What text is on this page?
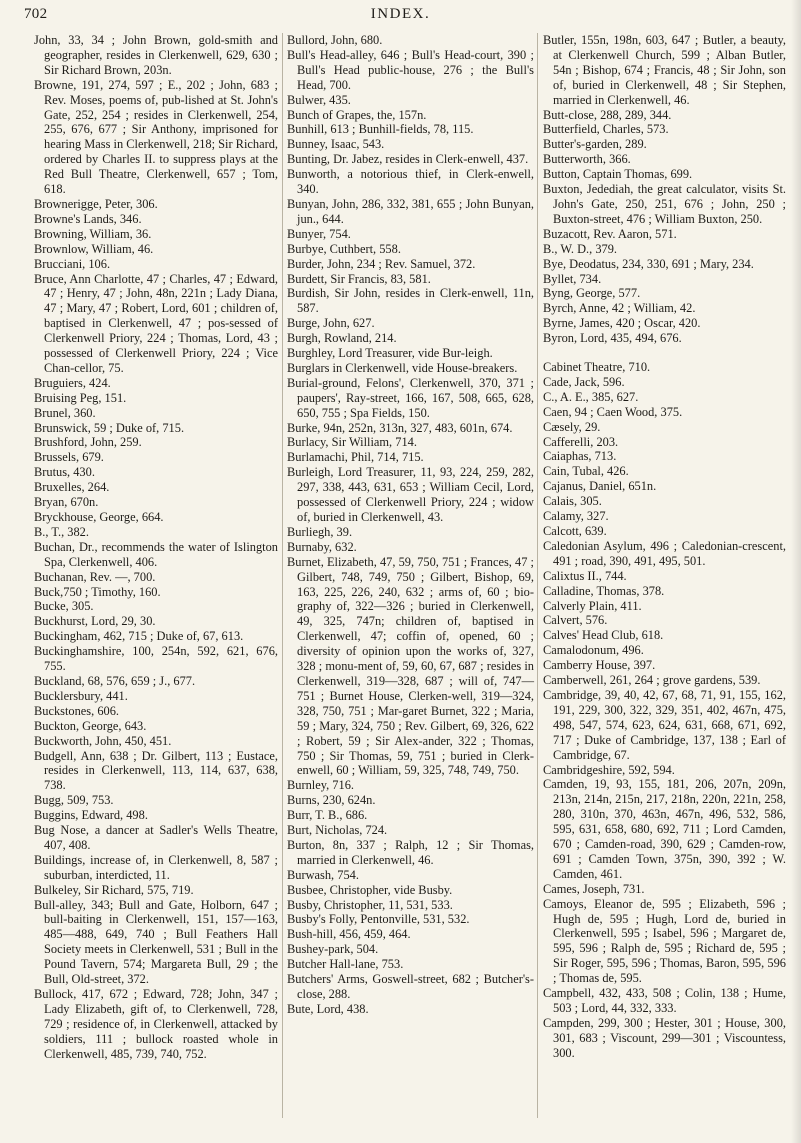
702	INDEX.
John, 33, 34 ; John Brown, gold-smith and geographer, resides in Clerkenwell, 629, 630 ; Sir Richard Brown, 203n.
Browne, 191, 274, 597 ; E., 202 ; John, 683 ; Rev. Moses, poems of, pub-lished at St. John's Gate, 252, 254 ; resides in Clerkenwell, 254, 255, 676, 677 ; Sir Anthony, imprisoned for hearing Mass in Clerkenwell, 218; Sir Richard, ordered by Charles II. to suppress plays at the Red Bull Theatre, Clerkenwell, 657 ; Tom, 618.
Brownerigge, Peter, 306.
Browne's Lands, 346.
Browning, William, 36.
Brownlow, William, 46.
Brucciani, 106.
Bruce, Ann Charlotte, 47 ; Charles, 47 ; Edward, 47 ; Henry, 47 ; John, 48n, 221n ; Lady Diana, 47 ; Mary, 47 ; Robert, Lord, 601 ; children of, baptised in Clerkenwell, 47 ; pos-sessed of Clerkenwell Priory, 224 ; Thomas, Lord, 43 ; possessed of Clerkenwell Priory, 224 ; Vice Chan-cellor, 75.
Bruguiers, 424.
Bruising Peg, 151.
Brunel, 360.
Brunswick, 59 ; Duke of, 715.
Brushford, John, 259.
Brussels, 679.
Brutus, 430.
Bruxelles, 264.
Bryan, 670n.
Bryckhouse, George, 664.
B., T., 382.
Buchan, Dr., recommends the water of Islington Spa, Clerkenwell, 406.
Buchanan, Rev. —, 700.
Buck,750 ; Timothy, 160.
Bucke, 305.
Buckhurst, Lord, 29, 30.
Buckingham, 462, 715 ; Duke of, 67, 613.
Buckinghamshire, 100, 254n, 592, 621, 676, 755.
Buckland, 68, 576, 659 ; J., 677.
Bucklersbury, 441.
Buckstones, 606.
Buckton, George, 643.
Buckworth, John, 450, 451.
Budgell, Ann, 638 ; Dr. Gilbert, 113 ; Eustace, resides in Clerkenwell, 113, 114, 637, 638, 738.
Bugg, 509, 753.
Buggins, Edward, 498.
Bug Nose, a dancer at Sadler's Wells Theatre, 407, 408.
Buildings, increase of, in Clerkenwell, 8, 587 ; suburban, interdicted, 11.
Bulkeley, Sir Richard, 575, 719.
Bull-alley, 343; Bull and Gate, Holborn, 647 ; bull-baiting in Clerkenwell, 151, 157—163, 485—488, 649, 740 ; Bull Feathers Hall Society meets in Clerkenwell, 531 ; Bull in the Pound Tavern, 574; Margareta Bull, 29 ; the Bull, Old-street, 372.
Bullock, 417, 672 ; Edward, 728; John, 347 ; Lady Elizabeth, gift of, to Clerkenwell, 728, 729 ; residence of, in Clerkenwell, attacked by soldiers, 111 ; bullock roasted whole in Clerkenwell, 485, 739, 740, 752.
Bullord, John, 680.
Bull's Head-alley, 646 ; Bull's Head-court, 390 ; Bull's Head public-house, 276 ; the Bull's Head, 700.
Bulwer, 435.
Bunch of Grapes, the, 157n.
Bunhill, 613 ; Bunhill-fields, 78, 115.
Bunney, Isaac, 543.
Bunting, Dr. Jabez, resides in Clerk-enwell, 437.
Bunworth, a notorious thief, in Clerk-enwell, 340.
Bunyan, John, 286, 332, 381, 655 ; John Bunyan, jun., 644.
Bunyer, 754.
Burbye, Cuthbert, 558.
Burder, John, 234 ; Rev. Samuel, 372.
Burdett, Sir Francis, 83, 581.
Burdish, Sir John, resides in Clerk-enwell, 11n, 587.
Burge, John, 627.
Burgh, Rowland, 214.
Burghley, Lord Treasurer, vide Bur-leigh.
Burglars in Clerkenwell, vide House-breakers.
Burial-ground, Felons', Clerkenwell, 370, 371 ; paupers', Ray-street, 166, 167, 508, 665, 628, 650, 755 ; Spa Fields, 150.
Burke, 94n, 252n, 313n, 327, 483, 601n, 674.
Burlacy, Sir William, 714.
Burlamachi, Phil, 714, 715.
Burleigh, Lord Treasurer, 11, 93, 224, 259, 282, 297, 338, 443, 631, 653 ; William Cecil, Lord, possessed of Clerkenwell Priory, 224 ; widow of, buried in Clerkenwell, 43.
Burliegh, 39.
Burnaby, 632.
Burnet, Elizabeth, 47, 59, 750, 751 ; Frances, 47 ; Gilbert, 748, 749, 750 ; Gilbert, Bishop, 69, 163, 225, 226, 240, 632 ; arms of, 60 ; bio-graphy of, 322—326 ; buried in Clerkenwell, 49, 325, 747n; children of, baptised in Clerkenwell, 47; coffin of, opened, 60 ; diversity of opinion upon the works of, 327, 328 ; monu-ment of, 59, 60, 67, 687 ; resides in Clerkenwell, 319—328, 687 ; will of, 747—751 ; Burnet House, Clerken-well, 319—324, 328, 750, 751 ; Mar-garet Burnet, 322 ; Maria, 59 ; Mary, 324, 750 ; Rev. Gilbert, 69, 326, 622 ; Robert, 59 ; Sir Alex-ander, 322 ; Thomas, 750 ; Sir Thomas, 59, 751 ; buried in Clerk-enwell, 60 ; William, 59, 325, 748, 749, 750.
Burnley, 716.
Burns, 230, 624n.
Burr, T. B., 686.
Burt, Nicholas, 724.
Burton, 8n, 337 ; Ralph, 12 ; Sir Thomas, married in Clerkenwell, 46.
Burwash, 754.
Busbee, Christopher, vide Busby.
Busby, Christopher, 11, 531, 533.
Busby's Folly, Pentonville, 531, 532.
Bush-hill, 456, 459, 464.
Bushey-park, 504.
Butcher Hall-lane, 753.
Butchers' Arms, Goswell-street, 682 ; Butcher's-close, 288.
Bute, Lord, 438.
Butler, 155n, 198n, 603, 647 ; Butler, a beauty, at Clerkenwell Church, 599 ; Alban Butler, 54n ; Bishop, 674 ; Francis, 48 ; Sir John, son of, buried in Clerkenwell, 48 ; Sir Stephen, married in Clerkenwell, 46.
Butt-close, 288, 289, 344.
Butterfield, Charles, 573.
Butter's-garden, 289.
Butterworth, 366.
Button, Captain Thomas, 699.
Buxton, Jedediah, the great calculator, visits St. John's Gate, 250, 251, 676 ; John, 250 ; Buxton-street, 476 ; William Buxton, 250.
Buzacott, Rev. Aaron, 571.
B., W. D., 379.
Bye, Deodatus, 234, 330, 691 ; Mary, 234.
Byllet, 734.
Byng, George, 577.
Byrch, Anne, 42 ; William, 42.
Byrne, James, 420 ; Oscar, 420.
Byron, Lord, 435, 494, 676.
Cabinet Theatre, 710.
Cade, Jack, 596.
C., A. E., 385, 627.
Caen, 94 ; Caen Wood, 375.
Cæsely, 29.
Cafferelli, 203.
Caiaphas, 713.
Cain, Tubal, 426.
Cajanus, Daniel, 651n.
Calais, 305.
Calamy, 327.
Calcott, 639.
Caledonian Asylum, 496 ; Caledonian-crescent, 491 ; road, 390, 491, 495, 501.
Calixtus II., 744.
Calladine, Thomas, 378.
Calverly Plain, 411.
Calvert, 576.
Calves' Head Club, 618.
Camalodonum, 496.
Camberry House, 397.
Camberwell, 261, 264 ; grove gardens, 539.
Cambridge, 39, 40, 42, 67, 68, 71, 91, 155, 162, 191, 229, 300, 322, 329, 351, 402, 467n, 475, 498, 547, 574, 623, 624, 631, 668, 671, 692, 717 ; Duke of Cambridge, 137, 138 ; Earl of Cambridge, 67.
Cambridgeshire, 592, 594.
Camden, 19, 93, 155, 181, 206, 207n, 209n, 213n, 214n, 215n, 217, 218n, 220n, 221n, 258, 280, 310n, 370, 463n, 467n, 496, 532, 586, 595, 631, 658, 680, 692, 711 ; Lord Camden, 670 ; Camden-road, 390, 629 ; Camden-row, 691 ; Camden Town, 375n, 390, 392 ; W. Camden, 461.
Cames, Joseph, 731.
Camoys, Eleanor de, 595 ; Elizabeth, 596 ; Hugh de, 595 ; Hugh, Lord de, buried in Clerkenwell, 595 ; Isabel, 596 ; Margaret de, 595, 596 ; Ralph de, 595 ; Richard de, 595 ; Sir Roger, 595, 596 ; Thomas, Baron, 595, 596 ; Thomas de, 595.
Campbell, 432, 433, 508 ; Colin, 138 ; Hume, 503 ; Lord, 44, 332, 333.
Campden, 299, 300 ; Hester, 301 ; House, 300, 301, 683 ; Viscount, 299—301 ; Viscountess, 300.
